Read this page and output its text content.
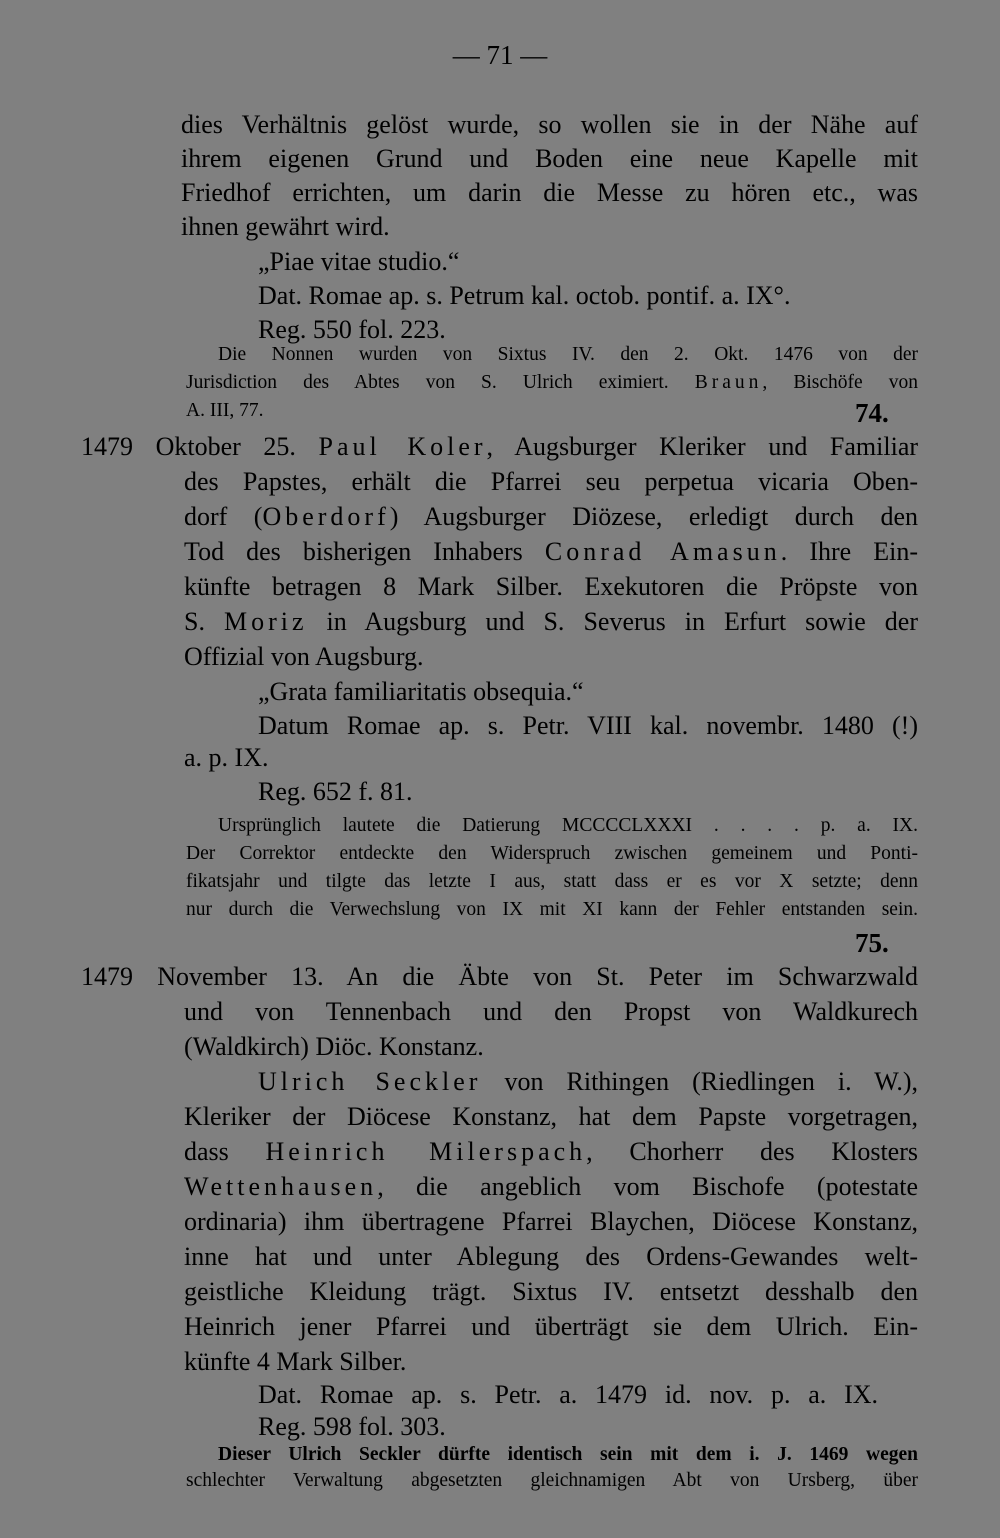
— 71 —
dies Verhältnis gelöst wurde, so wollen sie in der Nähe auf
ihrem eigenen Grund und Boden eine neue Kapelle mit
Friedhof errichten, um darin die Messe zu hören etc., was
ihnen gewährt wird.
„Piae vitae studio.“
Dat. Romae ap. s. Petrum kal. octob. pontif. a. IX°.
Reg. 550 fol. 223.
Die Nonnen wurden von Sixtus IV. den 2. Okt. 1476 von der
Jurisdiction des Abtes von S. Ulrich eximiert. Braun, Bischöfe von
A. III, 77.	74.
1479 Oktober 25. Paul Koler, Augsburger Kleriker und Familiar
des Papstes, erhält die Pfarrei seu perpetua vicaria Oben-
dorf (Oberdorf) Augsburger Diözese, erledigt durch den
Tod des bisherigen Inhabers Conrad Amasun. Ihre Ein-
künfte betragen 8 Mark Silber. Exekutoren die Pröpste von
S. Moriz in Augsburg und S. Severus in Erfurt sowie der
Offizial von Augsburg.
„Grata familiaritatis obsequia.“
Datum Romae ap. s. Petr. VIII kal. novembr. 1480 (!)
a. p. IX.
Reg. 652 f. 81.
Ursprünglich lautete die Datierung MCCCCLXXXI . . . . p. a. IX.
Der Correktor entdeckte den Widerspruch zwischen gemeinem und Ponti-
fikatsjahr und tilgte das letzte I aus, statt dass er es vor X setzte; denn
nur durch die Verwechslung von IX mit XI kann der Fehler entstanden sein.
75.
1479 November 13. An die Äbte von St. Peter im Schwarzwald
und von Tennenbach und den Propst von Waldkurech
(Waldkirch) Diöc. Konstanz.
Ulrich Seckler von Rithingen (Riedlingen i. W.),
Kleriker der Diöcese Konstanz, hat dem Papste vorgetragen,
dass Heinrich Milerspach, Chorherr des Klosters
Wettenhausen, die angeblich vom Bischofe (potestate
ordinaria) ihm übertragene Pfarrei Blaychen, Diöcese Konstanz,
inne hat und unter Ablegung des Ordens-Gewandes welt-
geistliche Kleidung trägt. Sixtus IV. entsetzt desshalb den
Heinrich jener Pfarrei und überträgt sie dem Ulrich. Ein-
künfte 4 Mark Silber.
Dat. Romae ap. s. Petr. a. 1479 id. nov. p. a. IX.
Reg. 598 fol. 303.
Dieser Ulrich Seckler dürfte identisch sein mit dem i. J. 1469 wegen
schlechter Verwaltung abgesetzten gleichnamigen Abt von Ursberg, über
